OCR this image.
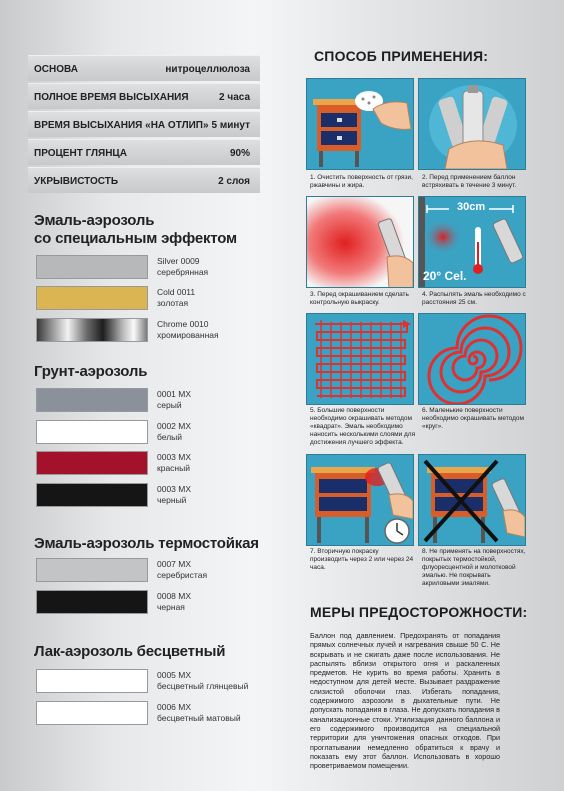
ОСНОВА	нитроцеллюлоза
ПОЛНОЕ ВРЕМЯ ВЫСЫХАНИЯ	2 часа
ВРЕМЯ ВЫСЫХАНИЯ «НА ОТЛИП» 5 минут
ПРОЦЕНТ ГЛЯНЦА	90%
УКРЫВИСТОСТЬ	2 слоя
Эмаль-аэрозоль
со специальным эффектом
Silver 0009
серебрянная
Cold 0011
золотая
Chrome 0010
хромированная
Грунт-аэрозоль
0001 MX
серый
0002 MX
белый
0003 MX
красный
0003 MX
черный
Эмаль-аэрозоль термостойкая
0007 MX
серебристая
0008 MX
черная
Лак-аэрозоль бесцветный
0005 MX
бесцветный глянцевый
0006 MX
бесцветный матовый
СПОСОБ ПРИМЕНЕНИЯ:
1. Очистить поверхность от грязи, ржавчины и жира.
2. Перед применением баллон встряхивать в течение 3 минут.
3. Перед окрашиванием сделать контрольную выкраску.
30cm
20° Cel.
4. Распылять эмаль необходимо с расстояния 25 см.
5. Большие поверхности необходимо окрашивать методом «квадрат». Эмаль необходимо наносить несколькими слоями для достижения лучшего эффекта.
6. Маленькие поверхности необходимо окрашивать методом «круг».
7. Вторичную покраску производить через 2 или через 24 часа.
8. Не применять на поверхностях, покрытых термостойкой, флуоресцентной и молотковой эмалью. Не покрывать акриловыми эмалями.
МЕРЫ ПРЕДОСТОРОЖНОСТИ:
Баллон под давлением. Предохранять от попадания прямых солнечных лучей и нагревания свыше 50 С. Не вскрывать и не сжигать даже после использования. Не распылять вблизи открытого огня и раскаленных предметов. Не курить во время работы. Хранить в недоступном для детей месте. Вызывает раздражение слизистой оболочки глаз. Избегать попадания, содержимого аэрозоли в дыхательные пути. Не допускать попадания в глаза. Не допускать попадания в канализационные стоки. Утилизация данного баллона и его содержимого производится на специальной территории для уничтожения опасных отходов. При проглатывании немедленно обратиться к врачу и показать ему этот баллон. Использовать в хорошо проветриваемом помещении.
